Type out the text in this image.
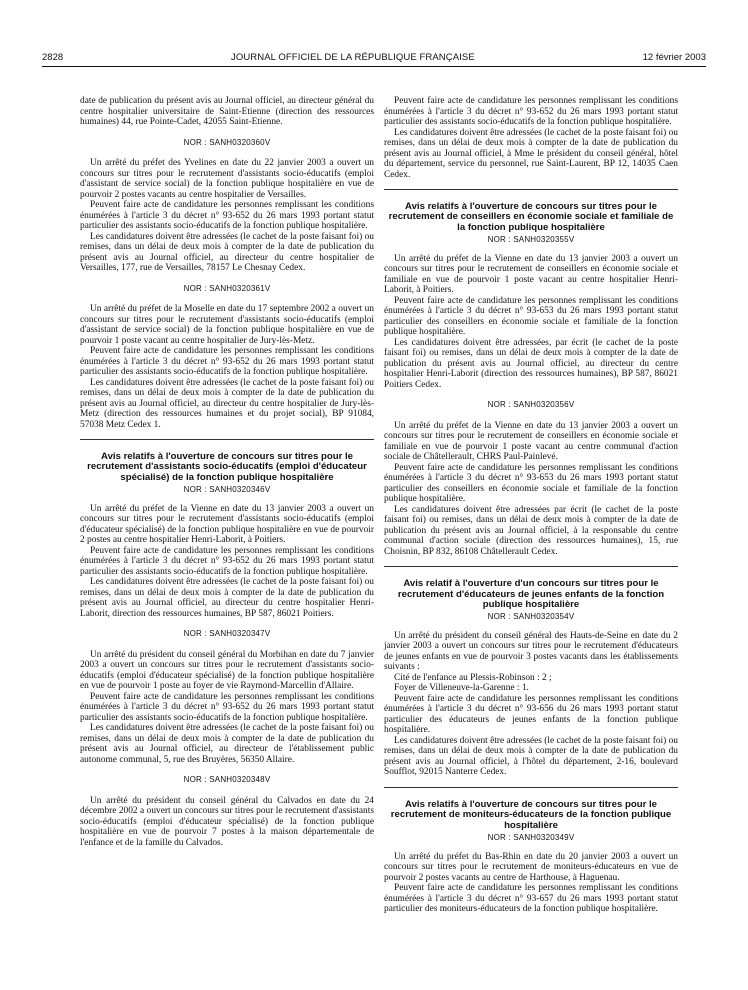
2828	JOURNAL OFFICIEL DE LA RÉPUBLIQUE FRANÇAISE	12 février 2003

date de publication du présent avis au Journal officiel, au directeur général du centre hospitalier universitaire de Saint-Etienne (direction des ressources humaines) 44, rue Pointe-Cadet, 42055 Saint-Etienne.

NOR : SANH0320360V

Un arrêté du préfet des Yvelines en date du 22 janvier 2003 a ouvert un concours sur titres pour le recrutement d'assistants socio-éducatifs (emploi d'assistant de service social) de la fonction publique hospitalière en vue de pourvoir 2 postes vacants au centre hospitalier de Versailles.

Peuvent faire acte de candidature les personnes remplissant les conditions énumérées à l'article 3 du décret n° 93-652 du 26 mars 1993 portant statut particulier des assistants socio-éducatifs de la fonction publique hospitalière.

Les candidatures doivent être adressées (le cachet de la poste faisant foi) ou remises, dans un délai de deux mois à compter de la date de publication du présent avis au Journal officiel, au directeur du centre hospitalier de Versailles, 177, rue de Versailles, 78157 Le Chesnay Cedex.

NOR : SANH0320361V

Un arrêté du préfet de la Moselle en date du 17 septembre 2002 a ouvert un concours sur titres pour le recrutement d'assistants socio-éducatifs (emploi d'assistant de service social) de la fonction publique hospitalière en vue de pourvoir 1 poste vacant au centre hospitalier de Jury-lès-Metz.

Peuvent faire acte de candidature les personnes remplissant les conditions énumérées à l'article 3 du décret n° 93-652 du 26 mars 1993 portant statut particulier des assistants socio-éducatifs de la fonction publique hospitalière.

Les candidatures doivent être adressées (le cachet de la poste faisant foi) ou remises, dans un délai de deux mois à compter de la date de publication du présent avis au Journal officiel, au directeur du centre hospitalier de Jury-lès-Metz (direction des ressources humaines et du projet social), BP 91084, 57038 Metz Cedex 1.

Avis relatifs à l'ouverture de concours sur titres pour le recrutement d'assistants socio-éducatifs (emploi d'éducateur spécialisé) de la fonction publique hospitalière
NOR : SANH0320346V

Un arrêté du préfet de la Vienne en date du 13 janvier 2003 a ouvert un concours sur titres pour le recrutement d'assistants socio-éducatifs (emploi d'éducateur spécialisé) de la fonction publique hospitalière en vue de pourvoir 2 postes au centre hospitalier Henri-Laborit, à Poitiers.

Peuvent faire acte de candidature les personnes remplissant les conditions énumérées à l'article 3 du décret n° 93-652 du 26 mars 1993 portant statut particulier des assistants socio-éducatifs de la fonction publique hospitalière.

Les candidatures doivent être adressées (le cachet de la poste faisant foi) ou remises, dans un délai de deux mois à compter de la date de publication du présent avis au Journal officiel, au directeur du centre hospitalier Henri-Laborit, direction des ressources humaines, BP 587, 86021 Poitiers.

NOR : SANH0320347V

Un arrêté du président du conseil général du Morbihan en date du 7 janvier 2003 a ouvert un concours sur titres pour le recrutement d'assistants socio-éducatifs (emploi d'éducateur spécialisé) de la fonction publique hospitalière en vue de pourvoir 1 poste au foyer de vie Raymond-Marcellin d'Allaire.

Peuvent faire acte de candidature les personnes remplissant les conditions énumérées à l'article 3 du décret n° 93-652 du 26 mars 1993 portant statut particulier des assistants socio-éducatifs de la fonction publique hospitalière.

Les candidatures doivent être adressées (le cachet de la poste faisant foi) ou remises, dans un délai de deux mois à compter de la date de publication du présent avis au Journal officiel, au directeur de l'établissement public autonome communal, 5, rue des Bruyères, 56350 Allaire.

NOR : SANH0320348V

Un arrêté du président du conseil général du Calvados en date du 24 décembre 2002 a ouvert un concours sur titres pour le recrutement d'assistants socio-éducatifs (emploi d'éducateur spécialisé) de la fonction publique hospitalière en vue de pourvoir 7 postes à la maison départementale de l'enfance et de la famille du Calvados.

Peuvent faire acte de candidature les personnes remplissant les conditions énumérées à l'article 3 du décret n° 93-652 du 26 mars 1993 portant statut particulier des assistants socio-éducatifs de la fonction publique hospitalière.

Les candidatures doivent être adressées (le cachet de la poste faisant foi) ou remises, dans un délai de deux mois à compter de la date de publication du présent avis au Journal officiel, à Mme le président du conseil général, hôtel du département, service du personnel, rue Saint-Laurent, BP 12, 14035 Caen Cedex.

Avis relatifs à l'ouverture de concours sur titres pour le recrutement de conseillers en économie sociale et familiale de la fonction publique hospitalière
NOR : SANH0320355V

Un arrêté du préfet de la Vienne en date du 13 janvier 2003 a ouvert un concours sur titres pour le recrutement de conseillers en économie sociale et familiale en vue de pourvoir 1 poste vacant au centre hospitalier Henri-Laborit, à Poitiers.

Peuvent faire acte de candidature les personnes remplissant les conditions énumérées à l'article 3 du décret n° 93-653 du 26 mars 1993 portant statut particulier des conseillers en économie sociale et familiale de la fonction publique hospitalière.

Les candidatures doivent être adressées, par écrit (le cachet de la poste faisant foi) ou remises, dans un délai de deux mois à compter de la date de publication du présent avis au Journal officiel, au directeur du centre hospitalier Henri-Laborit (direction des ressources humaines), BP 587, 86021 Poitiers Cedex.

NOR : SANH0320356V

Un arrêté du préfet de la Vienne en date du 13 janvier 2003 a ouvert un concours sur titres pour le recrutement de conseillers en économie sociale et familiale en vue de pourvoir 1 poste vacant au centre communal d'action sociale de Châtellerault, CHRS Paul-Painlevé.

Peuvent faire acte de candidature les personnes remplissant les conditions énumérées à l'article 3 du décret n° 93-653 du 26 mars 1993 portant statut particulier des conseillers en économie sociale et familiale de la fonction publique hospitalière.

Les candidatures doivent être adressées par écrit (le cachet de la poste faisant foi) ou remises, dans un délai de deux mois à compter de la date de publication du présent avis au Journal officiel, à la responsable du centre communal d'action sociale (direction des ressources humaines), 15, rue Choisnin, BP 832, 86108 Châtellerault Cedex.

Avis relatif à l'ouverture d'un concours sur titres pour le recrutement d'éducateurs de jeunes enfants de la fonction publique hospitalière
NOR : SANH0320354V

Un arrêté du président du conseil général des Hauts-de-Seine en date du 2 janvier 2003 a ouvert un concours sur titres pour le recrutement d'éducateurs de jeunes enfants en vue de pourvoir 3 postes vacants dans les établissements suivants :

Cité de l'enfance au Plessis-Robinson : 2 ;

Foyer de Villeneuve-la-Garenne : 1.

Peuvent faire acte de candidature les personnes remplissant les conditions énumérées à l'article 3 du décret n° 93-656 du 26 mars 1993 portant statut particulier des éducateurs de jeunes enfants de la fonction publique hospitalière.

Les candidatures doivent être adressées (le cachet de la poste faisant foi) ou remises, dans un délai de deux mois à compter de la date de publication du présent avis au Journal officiel, à l'hôtel du département, 2-16, boulevard Soufflot, 92015 Nanterre Cedex.

Avis relatifs à l'ouverture de concours sur titres pour le recrutement de moniteurs-éducateurs de la fonction publique hospitalière
NOR : SANH0320349V

Un arrêté du préfet du Bas-Rhin en date du 20 janvier 2003 a ouvert un concours sur titres pour le recrutement de moniteurs-éducateurs en vue de pourvoir 2 postes vacants au centre de Harthouse, à Haguenau.

Peuvent faire acte de candidature les personnes remplissant les conditions énumérées à l'article 3 du décret n° 93-657 du 26 mars 1993 portant statut particulier des moniteurs-éducateurs de la fonction publique hospitalière.
